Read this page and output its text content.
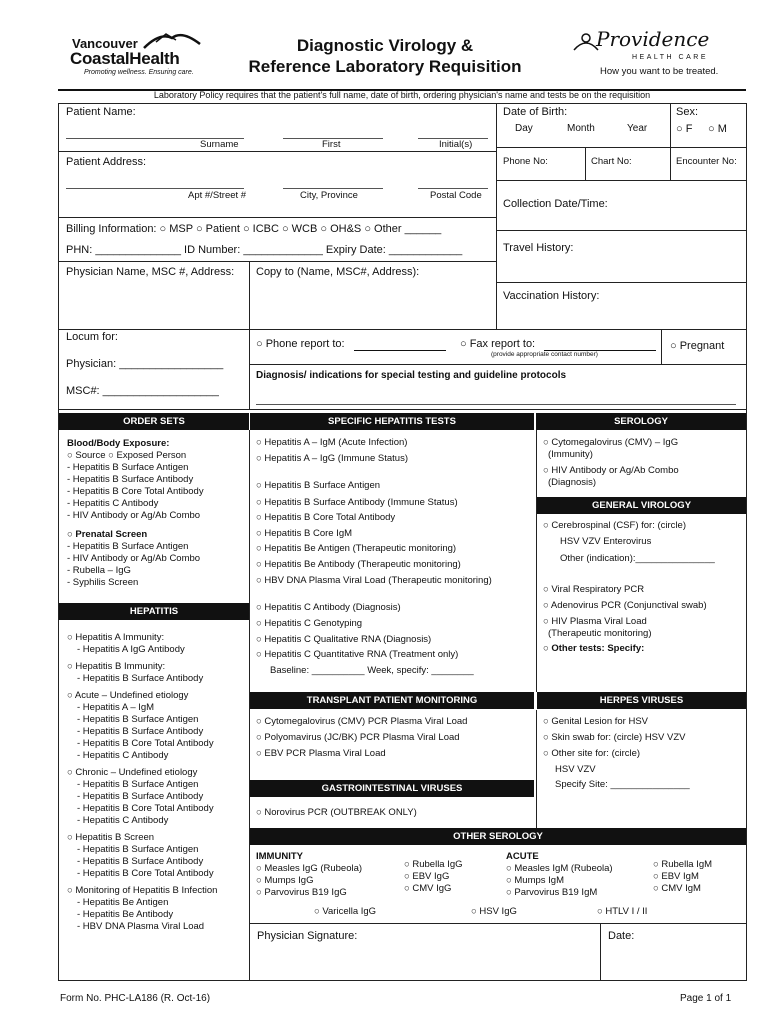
Vancouver
CoastalHealth
Promoting wellness. Ensuring care.
Diagnostic Virology &
Reference Laboratory Requisition
Providence
HEALTH CARE
How you want to be treated.
Laboratory Policy requires that the patient's full name, date of birth, ordering physician's name and tests be on the requisition
Patient Name:
Surname	First	Initial(s)
Date of Birth:
Day	Month	Year
Sex:
○ F ○ M
Patient Address:
Apt #/Street #	City, Province	Postal Code
Phone No:	Chart No:	Encounter No:
Collection Date/Time:
Billing Information: ○ MSP ○ Patient ○ ICBC ○ WCB ○ OH&S ○ Other ______
PHN: ______________ ID Number: _____________ Expiry Date: ____________	Travel History:
Physician Name, MSC #, Address: Copy to (Name, MSC#, Address):
Vaccination History:
Locum for:
Physician: _________________
MSC#: ___________________
○ Phone report to:	○ Fax report to:
(provide appropriate contact number)
○ Pregnant
Diagnosis/ indications for special testing and guideline protocols
ORDER SETS	SPECIFIC HEPATITIS TESTS	SEROLOGY
Blood/Body Exposure:
○ Source ○ Exposed Person
- Hepatitis B Surface Antigen
- Hepatitis B Surface Antibody
- Hepatitis B Core Total Antibody
- Hepatitis C Antibody
- HIV Antibody or Ag/Ab Combo
○ Prenatal Screen
- Hepatitis B Surface Antigen
- HIV Antibody or Ag/Ab Combo
- Rubella – IgG
- Syphilis Screen
HEPATITIS
○ Hepatitis A Immunity:
- Hepatitis A IgG Antibody
○ Hepatitis B Immunity:
- Hepatitis B Surface Antibody
○ Acute – Undefined etiology
- Hepatitis A – IgM
- Hepatitis B Surface Antigen
- Hepatitis B Surface Antibody
- Hepatitis B Core Total Antibody
- Hepatitis C Antibody
○ Chronic – Undefined etiology
- Hepatitis B Surface Antigen
- Hepatitis B Surface Antibody
- Hepatitis B Core Total Antibody
- Hepatitis C Antibody
○ Hepatitis B Screen
- Hepatitis B Surface Antigen
- Hepatitis B Surface Antibody
- Hepatitis B Core Total Antibody
○ Monitoring of Hepatitis B Infection
- Hepatitis Be Antigen
- Hepatitis Be Antibody
- HBV DNA Plasma Viral Load
○ Hepatitis A – IgM (Acute Infection)
○ Hepatitis A – IgG (Immune Status)
○ Hepatitis B Surface Antigen
○ Hepatitis B Surface Antibody (Immune Status)
○ Hepatitis B Core Total Antibody
○ Hepatitis B Core IgM
○ Hepatitis Be Antigen (Therapeutic monitoring)
○ Hepatitis Be Antibody (Therapeutic monitoring)
○ HBV DNA Plasma Viral Load (Therapeutic monitoring)
○ Hepatitis C Antibody (Diagnosis)
○ Hepatitis C Genotyping
○ Hepatitis C Qualitative RNA (Diagnosis)
○ Hepatitis C Quantitative RNA (Treatment only)
Baseline: __________ Week, specify: ________
○ Cytomegalovirus (CMV) – IgG
(Immunity)
○ HIV Antibody or Ag/Ab Combo
(Diagnosis)
GENERAL VIROLOGY
○ Cerebrospinal (CSF) for: (circle)
HSV VZV Enterovirus
Other (indication):_______________
○ Viral Respiratory PCR
○ Adenovirus PCR (Conjunctival swab)
○ HIV Plasma Viral Load
(Therapeutic monitoring)
○ Other tests: Specify:
TRANSPLANT PATIENT MONITORING	HERPES VIRUSES
○ Cytomegalovirus (CMV) PCR Plasma Viral Load
○ Polyomavirus (JC/BK) PCR Plasma Viral Load
○ EBV PCR Plasma Viral Load
○ Genital Lesion for HSV
○ Skin swab for: (circle) HSV VZV
○ Other site for: (circle)
HSV VZV
Specify Site: _______________
GASTROINTESTINAL VIRUSES
○ Norovirus PCR (OUTBREAK ONLY)
OTHER SEROLOGY
IMMUNITY
○ Measles IgG (Rubeola)
○ Mumps IgG
○ Parvovirus B19 IgG
○ Rubella IgG
○ EBV IgG
○ CMV IgG
ACUTE
○ Measles IgM (Rubeola)
○ Mumps IgM
○ Parvovirus B19 IgM
○ Rubella IgM
○ EBV IgM
○ CMV IgM
○ Varicella IgG	○ HSV IgG	○ HTLV I / II
Physician Signature:	Date:
Form No. PHC-LA186 (R. Oct-16)	Page 1 of 1
